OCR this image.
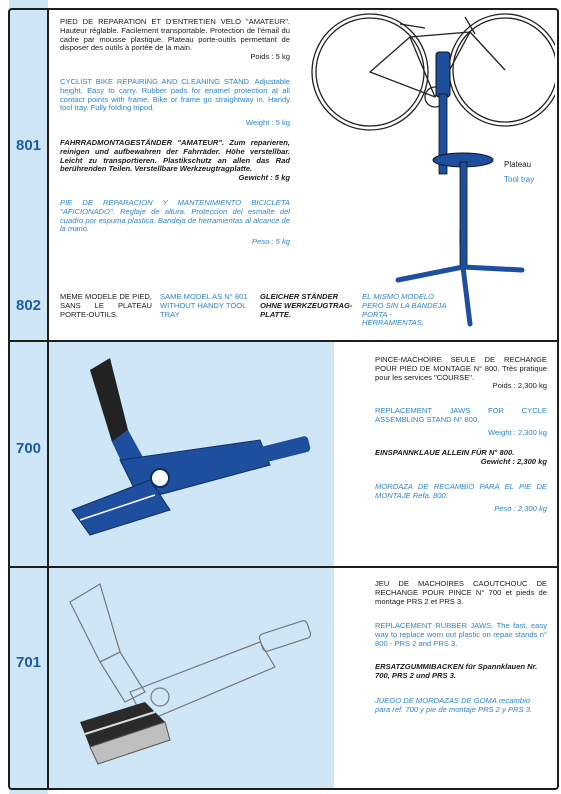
801
802
700
701
PIED DE REPARATION ET D'ENTRETIEN VELO "AMATEUR". Hauteur réglable. Facilement transportable. Protection de l'émail du cadre par mousse plastique. Plateau porte-outils permettant de disposer des outils à portée de la main.
Poids : 5 kg
CYCLIST BIKE REPAIRING AND CLEANING STAND. Adjustable height. Easy to carry. Rubber pads for enamel protection at all contact points with frame. Bike or frame go straightway in. Handy tool tray. Fully folding tripod.
Weight : 5 kg
FAHRRADMONTAGESTÄNDER "AMATEUR". Zum reparieren, reinigen und aufbewahren der Fahrräder. Höhe verstellbar. Leicht zu transportieren. Plastikschutz an allen das Rad berührenden Teilen. Verstellbare Werkzeugtragplatte.
Gewicht : 5 kg
PIE DE REPARACION Y MANTENIMIENTO BICICLETA "AFICIONADO". Reglaje de altura. Proteccion del esmalte del cuadro por espuma plastica. Bandeja de herramientas al alcance de la mano.
Peso : 5 kg
MEME MODELE DE PIED, SANS LE PLATEAU PORTE-OUTILS.
SAME MODEL AS N° 801 WITHOUT HANDY TOOL TRAY
GLEICHER STÄNDER OHNE WERKZEUGTRAG-PLATTE.
EL MISMO MODELO PERO SIN LA BANDEJA PORTA - HERRAMIENTAS.
Plateau
Tool tray
PINCE-MACHOIRE SEULE DE RECHANGE POUR PIED DE MONTAGE N° 800. Très pratique pour les services "COURSE".
Poids : 2,300 kg
REPLACEMENT JAWS FOR CYCLE ASSEMBLING STAND N° 800.
Weight : 2,300 kg
EINSPANNKLAUE ALLEIN FÜR N° 800.
Gewicht : 2,300 kg
MORDAZA DE RECAMBIO PARA EL PIE DE MONTAJE Refa. 800.
Peso : 2,300 kg
JEU DE MACHOIRES CAOUTCHOUC DE RECHANGE POUR PINCE N° 700 et pieds de montage PRS 2 et PRS 3.
REPLACEMENT RUBBER JAWS. The fast, easy way to replace worn out plastic on repair stands n° 800 - PRS 2 and PRS 3.
ERSATZGUMMIBACKEN für Spannklauen Nr. 700, PRS 2 und PRS 3.
JUEGO DE MORDAZAS DE GOMA recambio para ref. 700 y pie de montaje PRS 2 y PRS 3.
